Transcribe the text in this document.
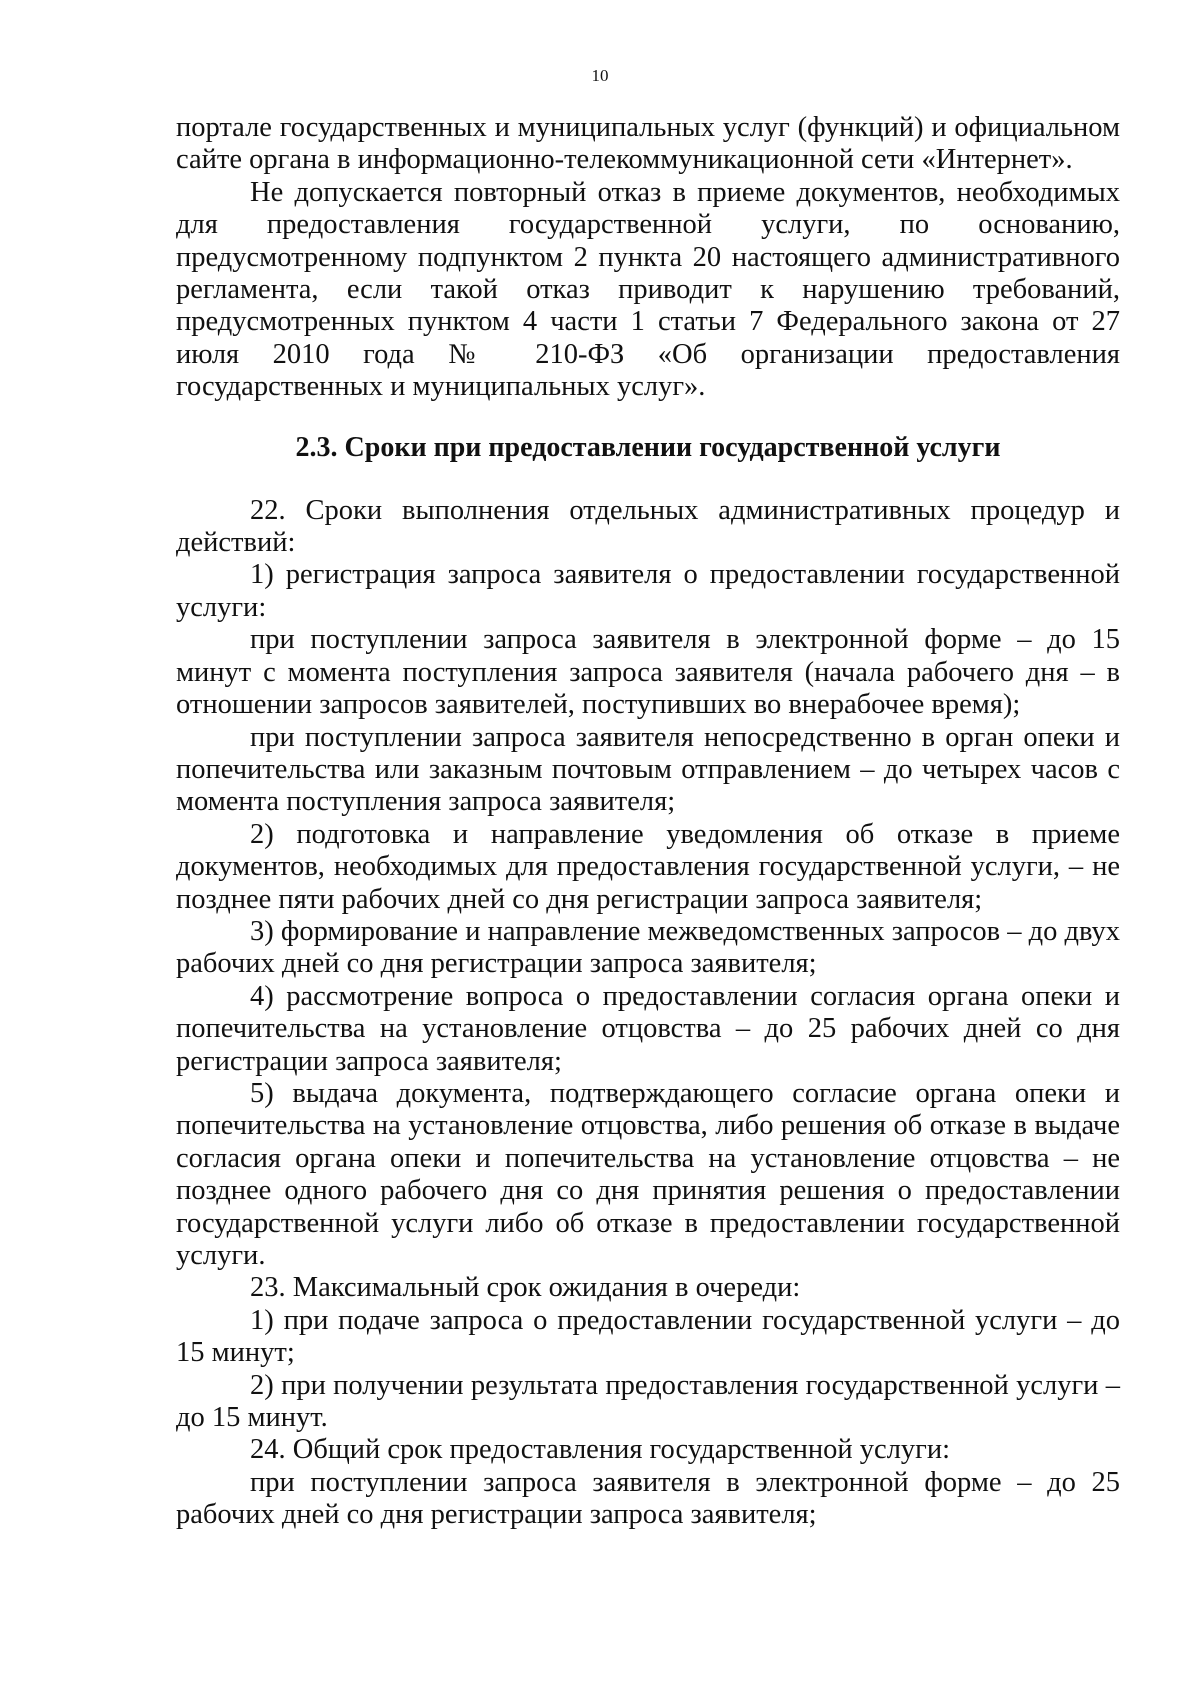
10

порталe государственных и муниципальных услуг (функций) и официальном сайте органа в информационно-телекоммуникационной сети «Интернет».

Не допускается повторный отказ в приеме документов, необходимых для предоставления государственной услуги, по основанию, предусмотренному подпунктом 2 пункта 20 настоящего административного регламента, если такой отказ приводит к нарушению требований, предусмотренных пунктом 4 части 1 статьи 7 Федерального закона от 27 июля 2010 года № 210-ФЗ «Об организации предоставления государственных и муниципальных услуг».

2.3. Сроки при предоставлении государственной услуги

22. Сроки выполнения отдельных административных процедур и действий:

1) регистрация запроса заявителя о предоставлении государственной услуги:

при поступлении запроса заявителя в электронной форме – до 15 минут с момента поступления запроса заявителя (начала рабочего дня – в отношении запросов заявителей, поступивших во внерабочее время);

при поступлении запроса заявителя непосредственно в орган опеки и попечительства или заказным почтовым отправлением – до четырех часов с момента поступления запроса заявителя;

2) подготовка и направление уведомления об отказе в приеме документов, необходимых для предоставления государственной услуги, – не позднее пяти рабочих дней со дня регистрации запроса заявителя;

3) формирование и направление межведомственных запросов – до двух рабочих дней со дня регистрации запроса заявителя;

4) рассмотрение вопроса о предоставлении согласия органа опеки и попечительства на установление отцовства – до 25 рабочих дней со дня регистрации запроса заявителя;

5) выдача документа, подтверждающего согласие органа опеки и попечительства на установление отцовства, либо решения об отказе в выдаче согласия органа опеки и попечительства на установление отцовства – не позднее одного рабочего дня со дня принятия решения о предоставлении государственной услуги либо об отказе в предоставлении государственной услуги.

23. Максимальный срок ожидания в очереди:

1) при подаче запроса о предоставлении государственной услуги – до 15 минут;

2) при получении результата предоставления государственной услуги – до 15 минут.

24. Общий срок предоставления государственной услуги:

при поступлении запроса заявителя в электронной форме – до 25 рабочих дней со дня регистрации запроса заявителя;
